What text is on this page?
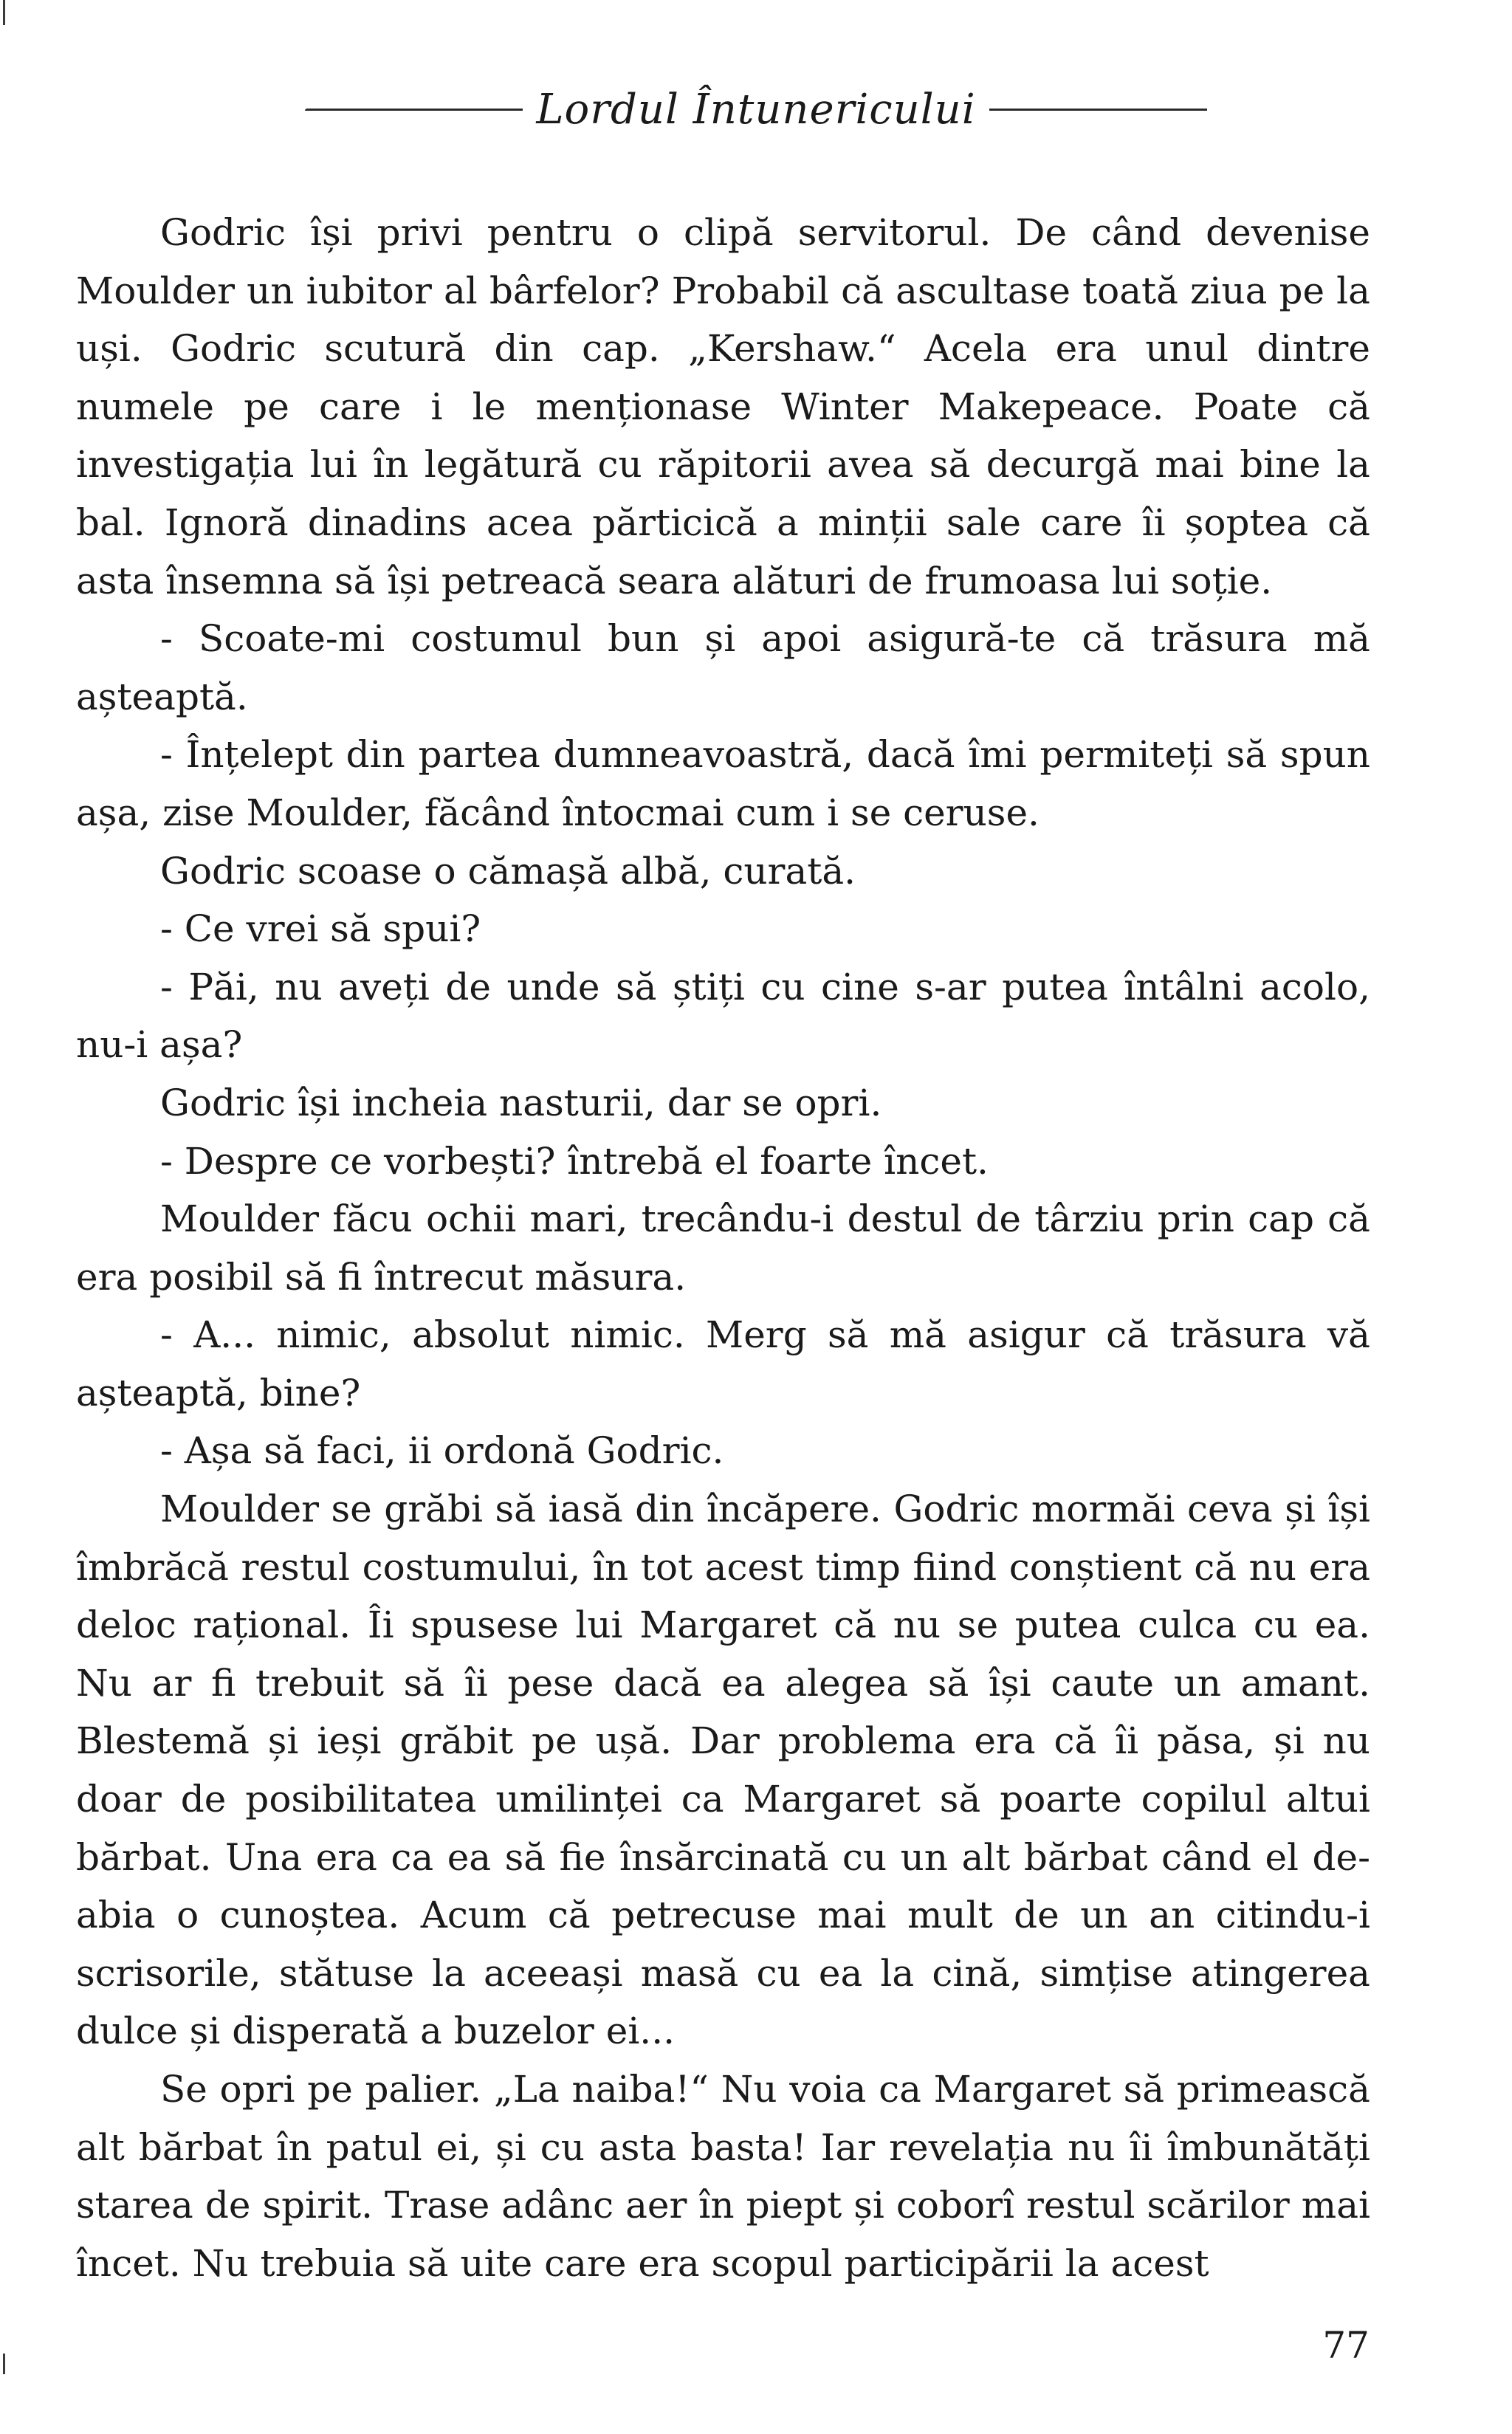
Lordul Întunericului

Godric își privi pentru o clipă servitorul. De când devenise Moulder un iubitor al bârfelor? Probabil că ascultase toată ziua pe la uși. Godric scutură din cap. „Kershaw.“ Acela era unul dintre numele pe care i le menționase Winter Makepeace. Poate că investigația lui în legătură cu răpitorii avea să decurgă mai bine la bal. Ignoră dinadins acea părticică a minții sale care îi șoptea că asta însemna să își petreacă seara alături de frumoasa lui soție.

- Scoate-mi costumul bun și apoi asigură-te că trăsura mă așteaptă.

- Înțelept din partea dumneavoastră, dacă îmi permiteți să spun așa, zise Moulder, făcând întocmai cum i se ceruse.

Godric scoase o cămașă albă, curată.

- Ce vrei să spui?

- Păi, nu aveți de unde să știți cu cine s-ar putea întâlni acolo, nu-i așa?

Godric își incheia nasturii, dar se opri.

- Despre ce vorbești? întrebă el foarte încet.

Moulder făcu ochii mari, trecându-i destul de târziu prin cap că era posibil să fi întrecut măsura.

- A... nimic, absolut nimic. Merg să mă asigur că trăsura vă așteaptă, bine?

- Așa să faci, ii ordonă Godric.

Moulder se grăbi să iasă din încăpere. Godric mormăi ceva și își îmbrăcă restul costumului, în tot acest timp fiind conștient că nu era deloc rațional. Îi spusese lui Margaret că nu se putea culca cu ea. Nu ar fi trebuit să îi pese dacă ea alegea să își caute un amant. Blestemă și ieși grăbit pe ușă. Dar problema era că îi păsa, și nu doar de posibilitatea umilinței ca Margaret să poarte copilul altui bărbat. Una era ca ea să fie însărcinată cu un alt bărbat când el de-abia o cunoștea. Acum că petrecuse mai mult de un an citindu-i scrisorile, stătuse la aceeași masă cu ea la cină, simțise atingerea dulce și disperată a buzelor ei...

Se opri pe palier. „La naiba!“ Nu voia ca Margaret să primească alt bărbat în patul ei, și cu asta basta! Iar revelația nu îi îmbunătăți starea de spirit. Trase adânc aer în piept și coborî restul scărilor mai încet. Nu trebuia să uite care era scopul participării la acest

77
